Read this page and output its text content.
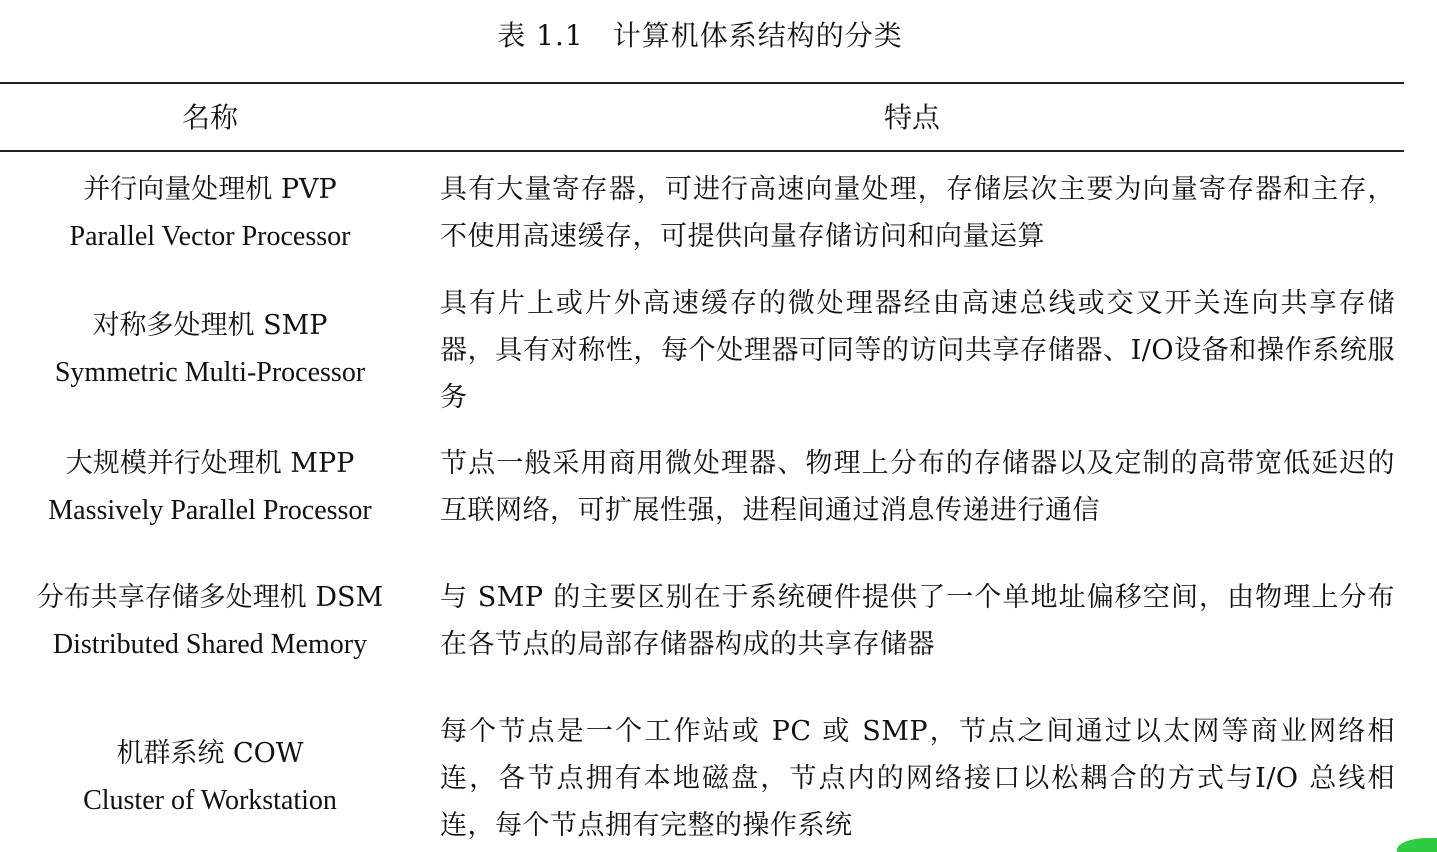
表 1.1　计算机体系结构的分类
名称	特点
并行向量处理机 PVP
Parallel Vector Processor
具有大量寄存器，可进行高速向量处理，存储层次主要为向量寄存器和主存，不使用高速缓存，可提供向量存储访问和向量运算
对称多处理机 SMP
Symmetric Multi-Processor
具有片上或片外高速缓存的微处理器经由高速总线或交叉开关连向共享存储器，具有对称性，每个处理器可同等的访问共享存储器、I/O设备和操作系统服务
大规模并行处理机 MPP
Massively Parallel Processor
节点一般采用商用微处理器、物理上分布的存储器以及定制的高带宽低延迟的互联网络，可扩展性强，进程间通过消息传递进行通信
分布共享存储多处理机 DSM
Distributed Shared Memory
与 SMP 的主要区别在于系统硬件提供了一个单地址偏移空间，由物理上分布在各节点的局部存储器构成的共享存储器
机群系统 COW
Cluster of Workstation
每个节点是一个工作站或 PC 或 SMP，节点之间通过以太网等商业网络相连，各节点拥有本地磁盘，节点内的网络接口以松耦合的方式与I/O 总线相连，每个节点拥有完整的操作系统
